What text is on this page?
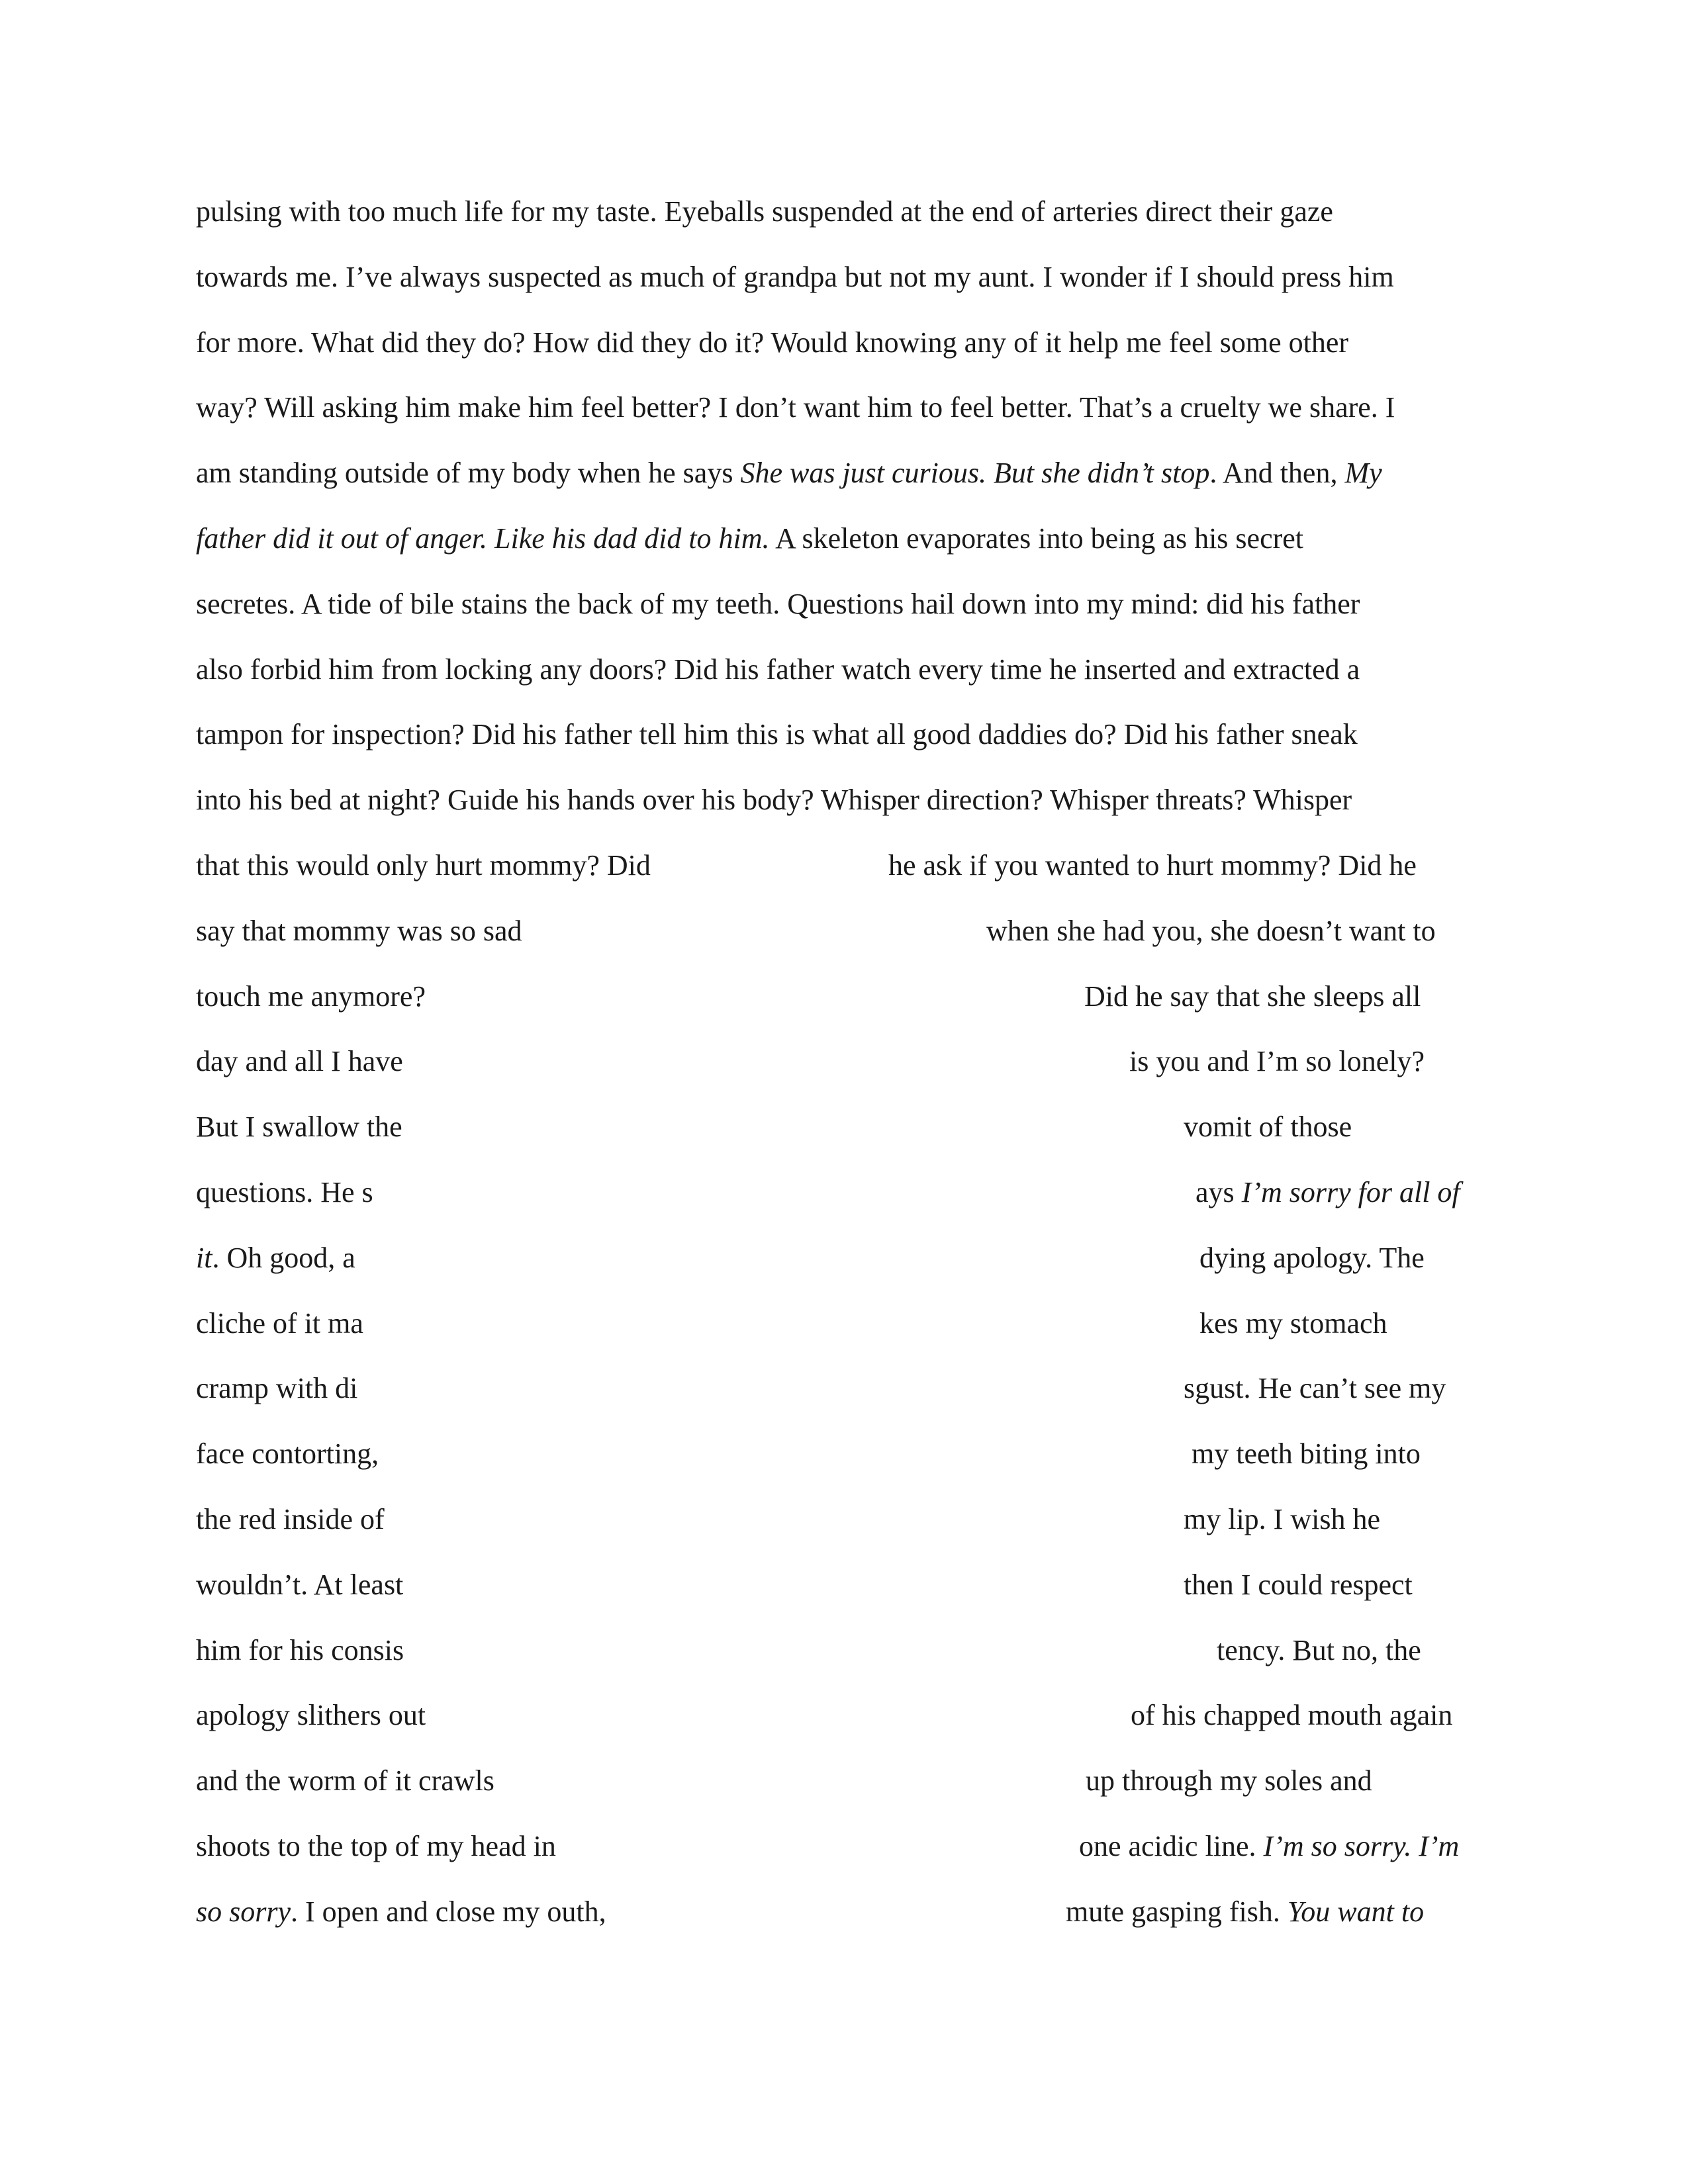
pulsing with too much life for my taste. Eyeballs suspended at the end of arteries direct their gaze
towards me. I’ve always suspected as much of grandpa but not my aunt. I wonder if I should press him
for more. What did they do? How did they do it? Would knowing any of it help me feel some other
way? Will asking him make him feel better? I don’t want him to feel better. That’s a cruelty we share. I
am standing outside of my body when he says She was just curious. But she didn’t stop. And then, My
father did it out of anger. Like his dad did to him. A skeleton evaporates into being as his secret
secretes. A tide of bile stains the back of my teeth. Questions hail down into my mind: did his father
also forbid him from locking any doors? Did his father watch every time he inserted and extracted a
tampon for inspection? Did his father tell him this is what all good daddies do? Did his father sneak
into his bed at night? Guide his hands over his body? Whisper direction? Whisper threats? Whisper
that this would only hurt mommy? Did	he ask if you wanted to hurt mommy? Did he
say that mommy was so sad	when she had you, she doesn’t want to
touch me anymore?	Did he say that she sleeps all
day and all I have	is you and I’m so lonely?
But I swallow the	vomit of those
questions. He s	ays I’m sorry for all of
it. Oh good, a	dying apology. The
cliche of it ma	kes my stomach
cramp with di	sgust. He can’t see my
face contorting,	my teeth biting into
the red inside of	my lip. I wish he
wouldn’t. At least	then I could respect
him for his consis	tency. But no, the
apology slithers out	of his chapped mouth again
and the worm of it crawls	up through my soles and
shoots to the top of my head in	one acidic line. I’m so sorry. I’m
so sorry. I open and close my outh,	mute gasping fish. You want to
